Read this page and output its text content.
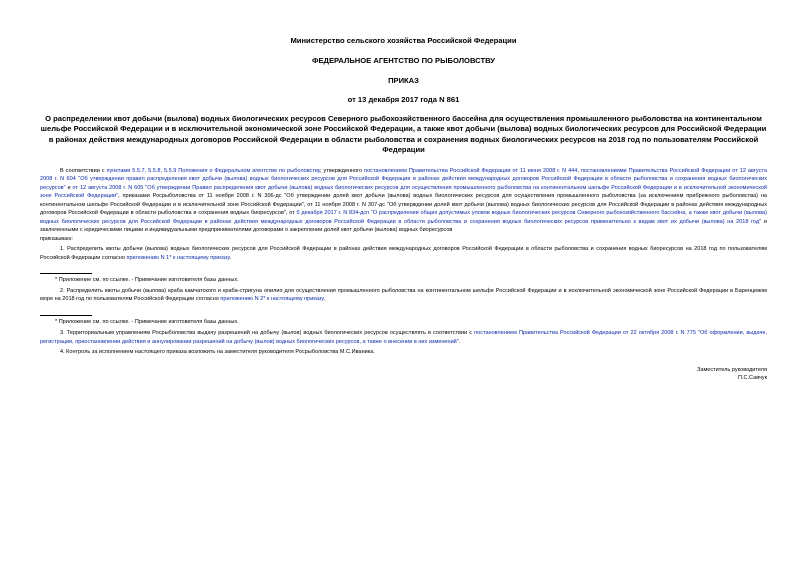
Министерство сельского хозяйства Российской Федерации
ФЕДЕРАЛЬНОЕ АГЕНТСТВО ПО РЫБОЛОВСТВУ
ПРИКАЗ
от 13 декабря 2017 года N 861
О распределении квот добычи (вылова) водных биологических ресурсов Северного рыбохозяйственного бассейна для осуществления промышленного рыболовства на континентальном шельфе Российской Федерации и в исключительной экономической зоне Российской Федерации, а также квот добычи (вылова) водных биологических ресурсов для Российской Федерации в районах действия международных договоров Российской Федерации в области рыболовства и сохранения водных биологических ресурсов на 2018 год по пользователям Российской Федерации

В соответствии с пунктами 5.5.7, 5.5.8, 5.5.9 Положения о Федеральном агентстве по рыболовству, утвержденного постановлением Правительства Российской Федерации от 11 июня 2008 г. N 444, постановлениями Правительства Российской Федерации от 12 августа 2008 г. N 604 "Об утверждении правил распределения квот добычи (вылова) водных биологических ресурсов для Российской Федерации в районах действия международных договоров Российской Федерации в области рыболовства и сохранения водных биологических ресурсов" и от 12 августа 2008 г. N 605 "Об утверждении Правил распределения квот добычи (вылова) водных биологических ресурсов для осуществления промышленного рыболовства на континентальном шельфе Российской Федерации и в исключительной экономической зоне Российской Федерации", приказами Росрыболовства от 11 ноября 2008 г. N 306-дс "Об утверждении долей квот добычи (вылова) водных биологических ресурсов для осуществления промышленного рыболовства (за исключением прибрежного рыболовства) на континентальном шельфе Российской Федерации и в исключительной зоне Российской Федерации", от 11 ноября 2008 г. N 307-дс "Об утверждении долей квот добычи (вылова) водных биологических ресурсов для Российской Федерации в районах действия международных договоров Российской Федерации в области рыболовства и сохранения водных биоресурсов", от 5 декабря 2017 г. N 834-дсп "О распределении общих допустимых уловов водных биологических ресурсов Северного рыбохозяйственного бассейна, а также квот добычи (вылова) водных биологических ресурсов для Российской Федерации в районах действия международных договоров Российской Федерации в области рыболовства и сохранения водных биологических ресурсов применительно к видам квот их добычи (вылова) на 2018 год" и заключенными с юридическими лицами и индивидуальными предпринимателями договорами о закреплении долей квот добычи (вылова) водных биоресурсов

приказываю:

1. Распределить квоты добычи (вылова) водных биологических ресурсов для Российской Федерации в районах действия международных договоров Российской Федерации в области рыболовства и сохранения водных биоресурсов на 2018 год по пользователям Российской Федерации согласно приложению N 1* к настоящему приказу.

* Приложение см. по ссылке. - Примечание изготовителя базы данных.

2. Распределить квоты добычи (вылова) краба камчатского и краба-стригуна опилио для осуществления промышленного рыболовства на континентальном шельфе Российской Федерации и в исключительной экономической зоне Российской Федерации в Баренцевом море на 2018 год по пользователям Российской Федерации согласно приложению N 2* к настоящему приказу.

* Приложение см. по ссылке. - Примечание изготовителя базы данных.

3. Территориальным управлениям Росрыболовства выдачу разрешений на добычу (вылов) водных биологических ресурсов осуществлять в соответствии с постановлением Правительства Российской Федерации от 22 октября 2008 г. N 775 "Об оформлении, выдаче, регистрации, приостановлении действия и аннулировании разрешений на добычу (вылов) водных биологических ресурсов, а также о внесении в них изменений".

4. Контроль за исполнением настоящего приказа возложить на заместителя руководителя Росрыболовства М.С.Иваника.

Заместитель руководителя
П.С.Савчук
